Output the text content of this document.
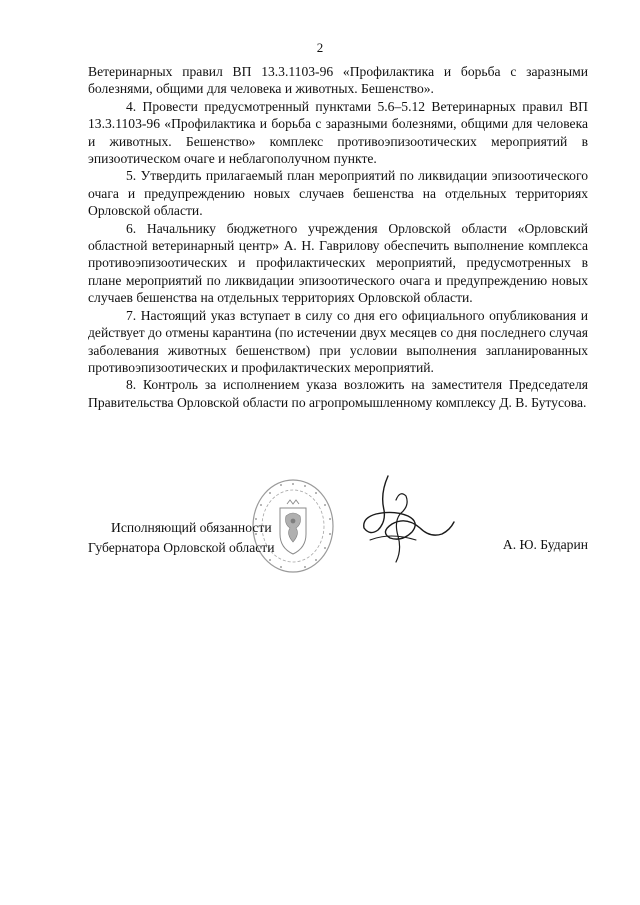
2

Ветеринарных правил ВП 13.3.1103-96 «Профилактика и борьба с заразными болезнями, общими для человека и животных. Бешенство».

4. Провести предусмотренный пунктами 5.6–5.12 Ветеринарных правил ВП 13.3.1103-96 «Профилактика и борьба с заразными болезнями, общими для человека и животных. Бешенство» комплекс противоэпизоотических мероприятий в эпизоотическом очаге и неблагополучном пункте.

5. Утвердить прилагаемый план мероприятий по ликвидации эпизоотического очага и предупреждению новых случаев бешенства на отдельных территориях Орловской области.

6. Начальнику бюджетного учреждения Орловской области «Орловский областной ветеринарный центр» А. Н. Гаврилову обеспечить выполнение комплекса противоэпизоотических и профилактических мероприятий, предусмотренных в плане мероприятий по ликвидации эпизоотического очага и предупреждению новых случаев бешенства на отдельных территориях Орловской области.

7. Настоящий указ вступает в силу со дня его официального опубликования и действует до отмены карантина (по истечении двух месяцев со дня последнего случая заболевания животных бешенством) при условии выполнения запланированных противоэпизоотических и профилактических мероприятий.

8. Контроль за исполнением указа возложить на заместителя Председателя Правительства Орловской области по агропромышленному комплексу Д. В. Бутусова.

Исполняющий обязанности
Губернатора Орловской области	А. Ю. Бударин
